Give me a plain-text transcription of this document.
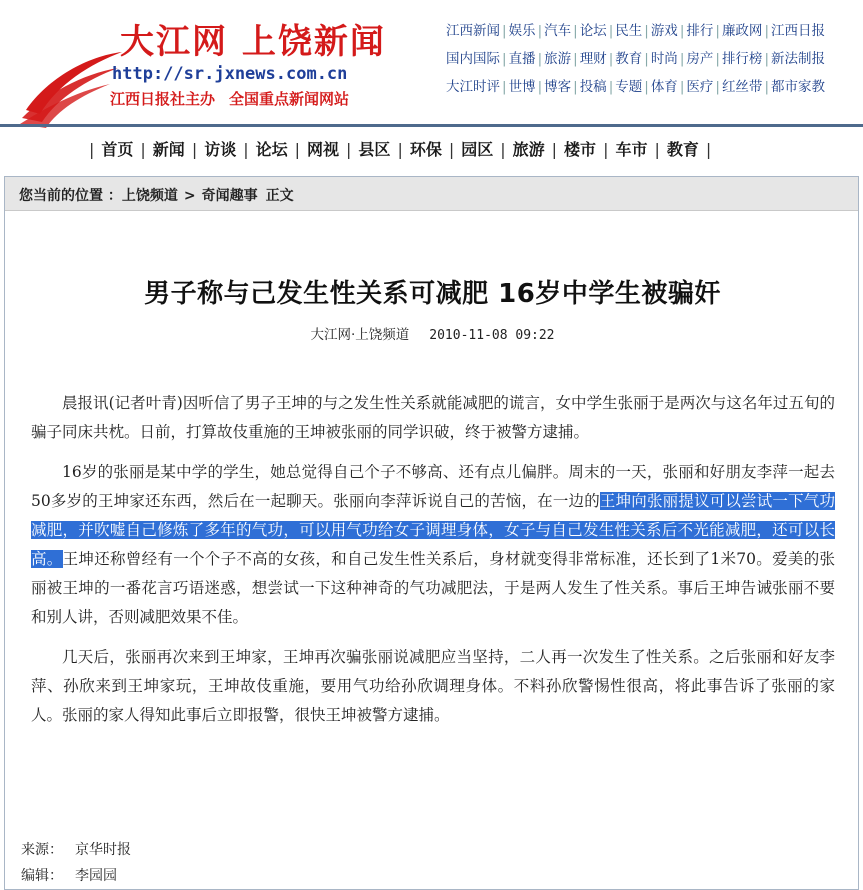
大江网 上饶新闻
http://sr.jxnews.com.cn
江西日报社主办 全国重点新闻网站
江西新闻 | 娱乐 | 汽车 | 论坛 | 民生 | 游戏 | 排行 | 廉政网 | 江西日报
国内国际 | 直播 | 旅游 | 理财 | 教育 | 时尚 | 房产 | 排行榜 | 新法制报
大江时评 | 世博 | 博客 | 投稿 | 专题 | 体育 | 医疗 | 红丝带 | 都市家教
| 首页 | 新闻 | 访谈 | 论坛 | 网视 | 县区 | 环保 | 园区 | 旅游 | 楼市 | 车市 | 教育 |
您当前的位置 ：上饶频道 > 奇闻趣事 正文
男子称与己发生性关系可减肥 16岁中学生被骗奸
大江网·上饶频道 2010-11-08 09:22

晨报讯(记者叶青)因听信了男子王坤的与之发生性关系就能减肥的谎言，女中学生张丽于是两次与这名年过五旬的骗子同床共枕。日前，打算故伎重施的王坤被张丽的同学识破，终于被警方逮捕。

16岁的张丽是某中学的学生，她总觉得自己个子不够高、还有点儿偏胖。周末的一天，张丽和好朋友李萍一起去50多岁的王坤家还东西，然后在一起聊天。张丽向李萍诉说自己的苦恼，在一边的王坤向张丽提议可以尝试一下气功减肥，并吹嘘自己修炼了多年的气功，可以用气功给女子调理身体，女子与自己发生性关系后不光能减肥，还可以长高。王坤还称曾经有一个个子不高的女孩，和自己发生性关系后，身材就变得非常标准，还长到了1米70。爱美的张丽被王坤的一番花言巧语迷惑，想尝试一下这种神奇的气功减肥法，于是两人发生了性关系。事后王坤告诫张丽不要和别人讲，否则减肥效果不佳。

几天后，张丽再次来到王坤家，王坤再次骗张丽说减肥应当坚持，二人再一次发生了性关系。之后张丽和好友李萍、孙欣来到王坤家玩，王坤故伎重施，要用气功给孙欣调理身体。不料孙欣警惕性很高，将此事告诉了张丽的家人。张丽的家人得知此事后立即报警，很快王坤被警方逮捕。

来源： 京华时报
编辑： 李园园
